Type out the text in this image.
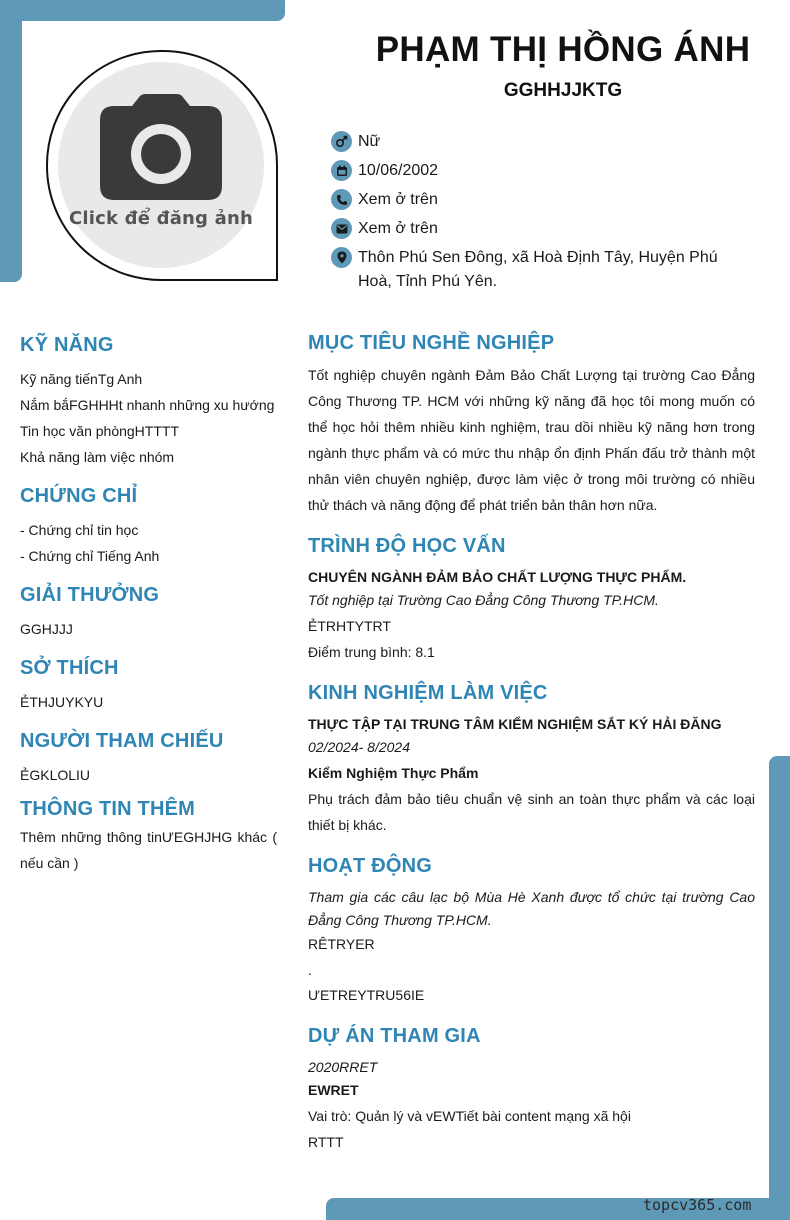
Click để đăng ảnh
PHẠM THỊ HỒNG ÁNH
GGHHJJKTG
Nữ
10/06/2002
Xem ở trên
Xem ở trên
Thôn Phú Sen Đông, xã Hoà Định Tây, Huyện Phú Hoà, Tỉnh Phú Yên.
KỸ NĂNG
Kỹ năng tiếnTg Anh
Nắm bắFGHHHt nhanh những xu hướng
Tin học văn phòngHTTTT
Khả năng làm việc nhóm
CHỨNG CHỈ
- Chứng chỉ tin học
- Chứng chỉ Tiếng Anh
GIẢI THƯỞNG
GGHJJJ
SỞ THÍCH
ẺTHJUYKYU
NGƯỜI THAM CHIẾU
ẺGKLOLIU
THÔNG TIN THÊM
Thêm những thông tinƯEGHJHG khác ( nếu cần )
MỤC TIÊU NGHỀ NGHIỆP
Tốt nghiệp chuyên ngành Đảm Bảo Chất Lượng tại trường Cao Đẳng Công Thương TP. HCM với những kỹ năng đã học tôi mong muốn có thể học hỏi thêm nhiều kinh nghiệm, trau dồi nhiều kỹ năng hơn trong ngành thực phẩm và có mức thu nhập ổn định Phấn đấu trở thành một nhân viên chuyên nghiệp, được làm việc ở trong môi trường có nhiều thử thách và năng động để phát triển bản thân hơn nữa.
TRÌNH ĐỘ HỌC VẤN
CHUYÊN NGÀNH ĐẢM BẢO CHẤT LƯỢNG THỰC PHẨM.
Tốt nghiệp tại Trường Cao Đẳng Công Thương TP.HCM.
ẺTRHTYTRT
Điểm trung bình: 8.1
KINH NGHIỆM LÀM VIỆC
THỰC TẬP TẠI TRUNG TÂM KIỂM NGHIỆM SẮT KÝ HẢI ĐĂNG
02/2024- 8/2024
Kiểm Nghiệm Thực Phẩm
Phụ trách đảm bảo tiêu chuẩn vệ sinh an toàn thực phẩm và các loại thiết bị khác.
HOẠT ĐỘNG
Tham gia các câu lạc bộ Mùa Hè Xanh được tổ chức tại trường Cao Đẳng Công Thương TP.HCM.
RÊTRYER
.
ƯETREYTRU56IE
DỰ ÁN THAM GIA
2020RRET
EWRET
Vai trò: Quản lý và vEWTiết bài content mạng xã hội
RTTT
topcv365.com
